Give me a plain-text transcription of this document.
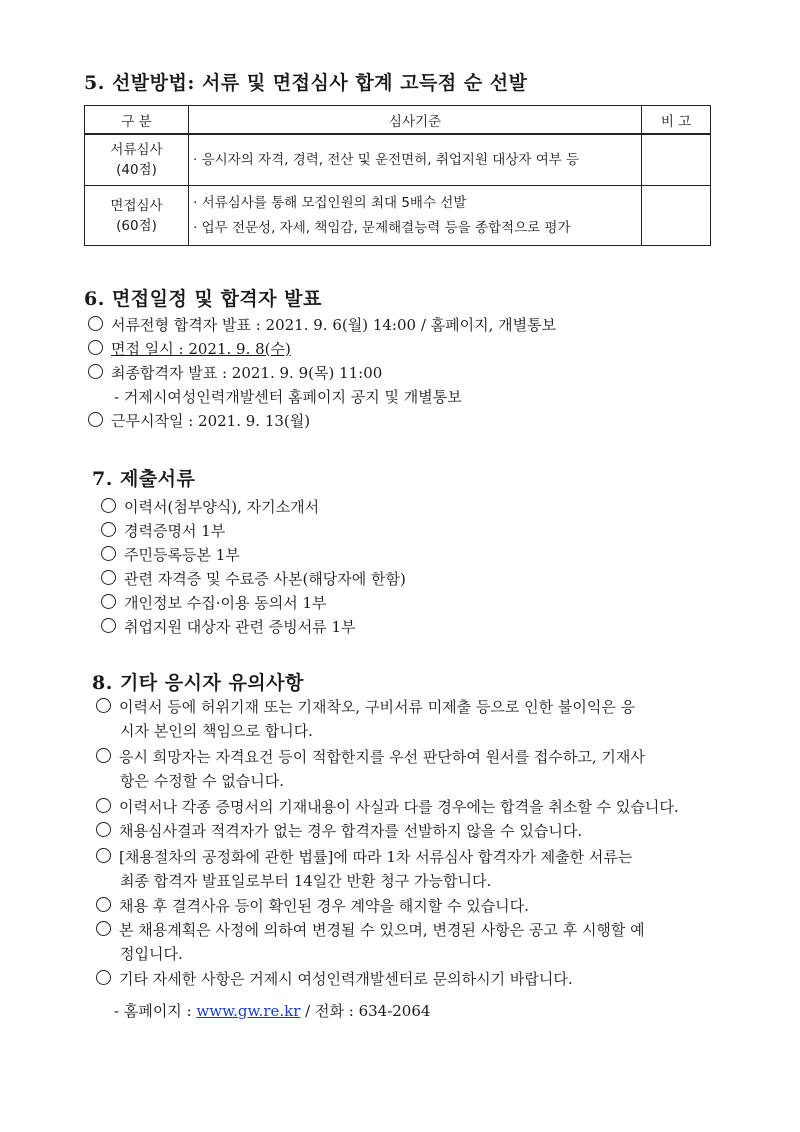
5. 선발방법: 서류 및 면접심사 합계 고득점 순 선발
구 분	심사기준	비 고
서류심사
(40점)	· 응시자의 자격, 경력, 전산 및 운전면허, 취업지원 대상자 여부 등	

면접심사
(60점)	· 서류심사를 통해 모집인원의 최대 5배수 선발
· 업무 전문성, 자세, 책임감, 문제해결능력 등을 종합적으로 평가	

6. 면접일정 및 합격자 발표
서류전형 합격자 발표 : 2021. 9. 6(월) 14:00 / 홈페이지, 개별통보
면접 일시 : 2021. 9. 8(수)
최종합격자 발표 : 2021. 9. 9(목) 11:00
- 거제시여성인력개발센터 홈페이지 공지 및 개별통보
근무시작일 : 2021. 9. 13(월)
7. 제출서류
이력서(첨부양식), 자기소개서
경력증명서 1부
주민등록등본 1부
관련 자격증 및 수료증 사본(해당자에 한함)
개인정보 수집·이용 동의서 1부
취업지원 대상자 관련 증빙서류 1부
8. 기타 응시자 유의사항
이력서 등에 허위기재 또는 기재착오, 구비서류 미제출 등으로 인한 불이익은 응
시자 본인의 책임으로 합니다.
응시 희망자는 자격요건 등이 적합한지를 우선 판단하여 원서를 접수하고, 기재사
항은 수정할 수 없습니다.
이력서나 각종 증명서의 기재내용이 사실과 다를 경우에는 합격을 취소할 수 있습니다.
채용심사결과 적격자가 없는 경우 합격자를 선발하지 않을 수 있습니다.
[채용절차의 공정화에 관한 법률]에 따라 1차 서류심사 합격자가 제출한 서류는
최종 합격자 발표일로부터 14일간 반환 청구 가능합니다.
채용 후 결격사유 등이 확인된 경우 계약을 해지할 수 있습니다.
본 채용계획은 사정에 의하여 변경될 수 있으며, 변경된 사항은 공고 후 시행할 예
정입니다.
기타 자세한 사항은 거제시 여성인력개발센터로 문의하시기 바랍니다.
- 홈페이지 : www.gw.re.kr / 전화 : 634-2064
